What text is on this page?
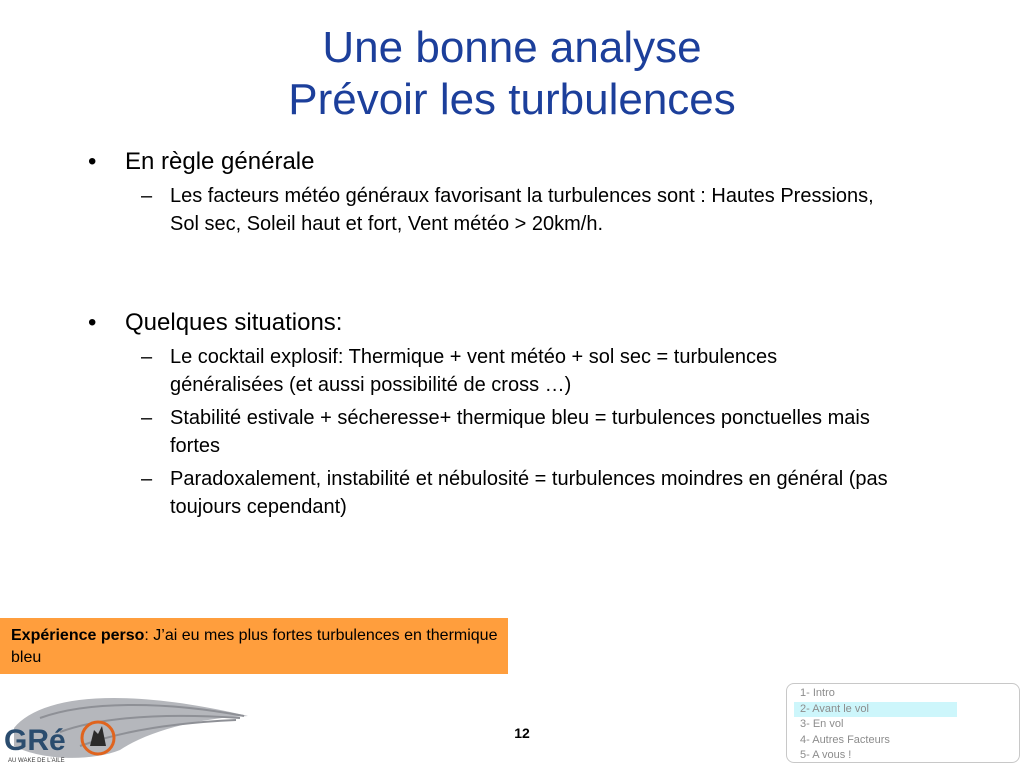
Une bonne analyse
Prévoir les turbulences
•	En règle générale
– Les facteurs météo généraux favorisant la turbulences sont : Hautes Pressions, Sol sec, Soleil haut et fort, Vent météo > 20km/h.
•	Quelques situations:
– Le cocktail explosif: Thermique + vent météo + sol sec = turbulences généralisées (et aussi possibilité de cross …)
– Stabilité estivale + sécheresse+ thermique bleu = turbulences ponctuelles mais fortes
– Paradoxalement, instabilité et nébulosité = turbulences moindres en général (pas toujours cependant)
Expérience perso: J’ai eu mes plus fortes turbulences en thermique bleu
GRé
AU WAKE DE L'AILE
12
1- Intro
2- Avant le vol
3- En vol
4- Autres Facteurs
5- A vous !
